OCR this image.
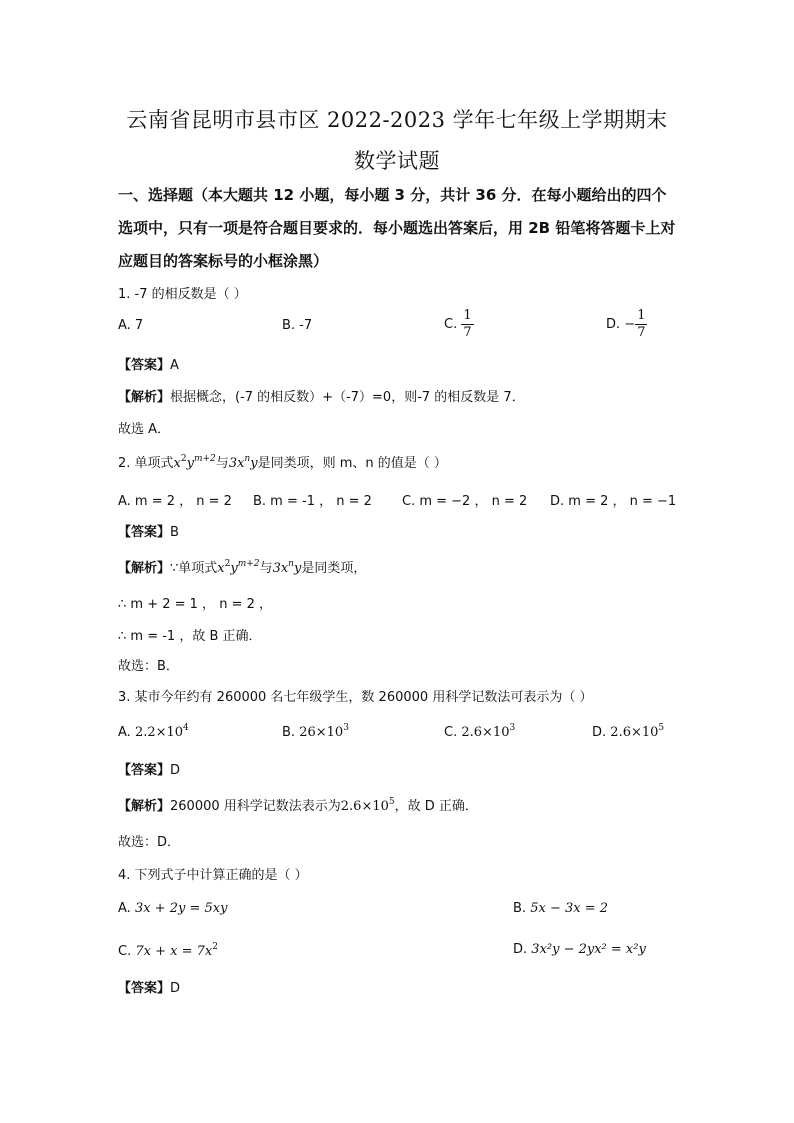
云南省昆明市县市区 2022-2023 学年七年级上学期期末
数学试题
一、选择题（本大题共 12 小题，每小题 3 分，共计 36 分．在每小题给出的四个选项中，只有一项是符合题目要求的．每小题选出答案后，用 2B 铅笔将答题卡上对应题目的答案标号的小框涂黑）
1. -7 的相反数是（ ）
A. 7	B. -7	C. $\frac{1}{7}$	D. − $\frac{1}{7}$
【答案】A
【解析】根据概念，(-7 的相反数）+（-7）=0，则-7 的相反数是 7．
故选 A．
2. 单项式$x^2y^{m+2}$与$3x^ny$是同类项，则 m、n 的值是（ ）
A. m = 2 ， n = 2 B. m = -1 ， n = 2 C. m = −2 ， n = 2 D. m = 2 ， n = −1
【答案】B
【解析】∵单项式$x^2y^{m+2}$与$3x^ny$是同类项，
∴ m + 2 = 1 ， n = 2 ，
∴ m = -1 ，故 B 正确．
故选：B．
3. 某市今年约有 260000 名七年级学生，数 260000 用科学记数法可表示为（ ）
A. $2.2\times 10^4$	B. $26\times 10^3$	C. $2.6\times 10^3$	D. $2.6\times 10^5$
【答案】D
【解析】260000 用科学记数法表示为$2.6\times 10^5$，故 D 正确．
故选：D．
4. 下列式子中计算正确的是（ ）
A. 3x + 2y = 5xy	B. 5x − 3x = 2
C. $7x + x = 7x^2$	D. 3x²y − 2yx² = x²y
【答案】D
